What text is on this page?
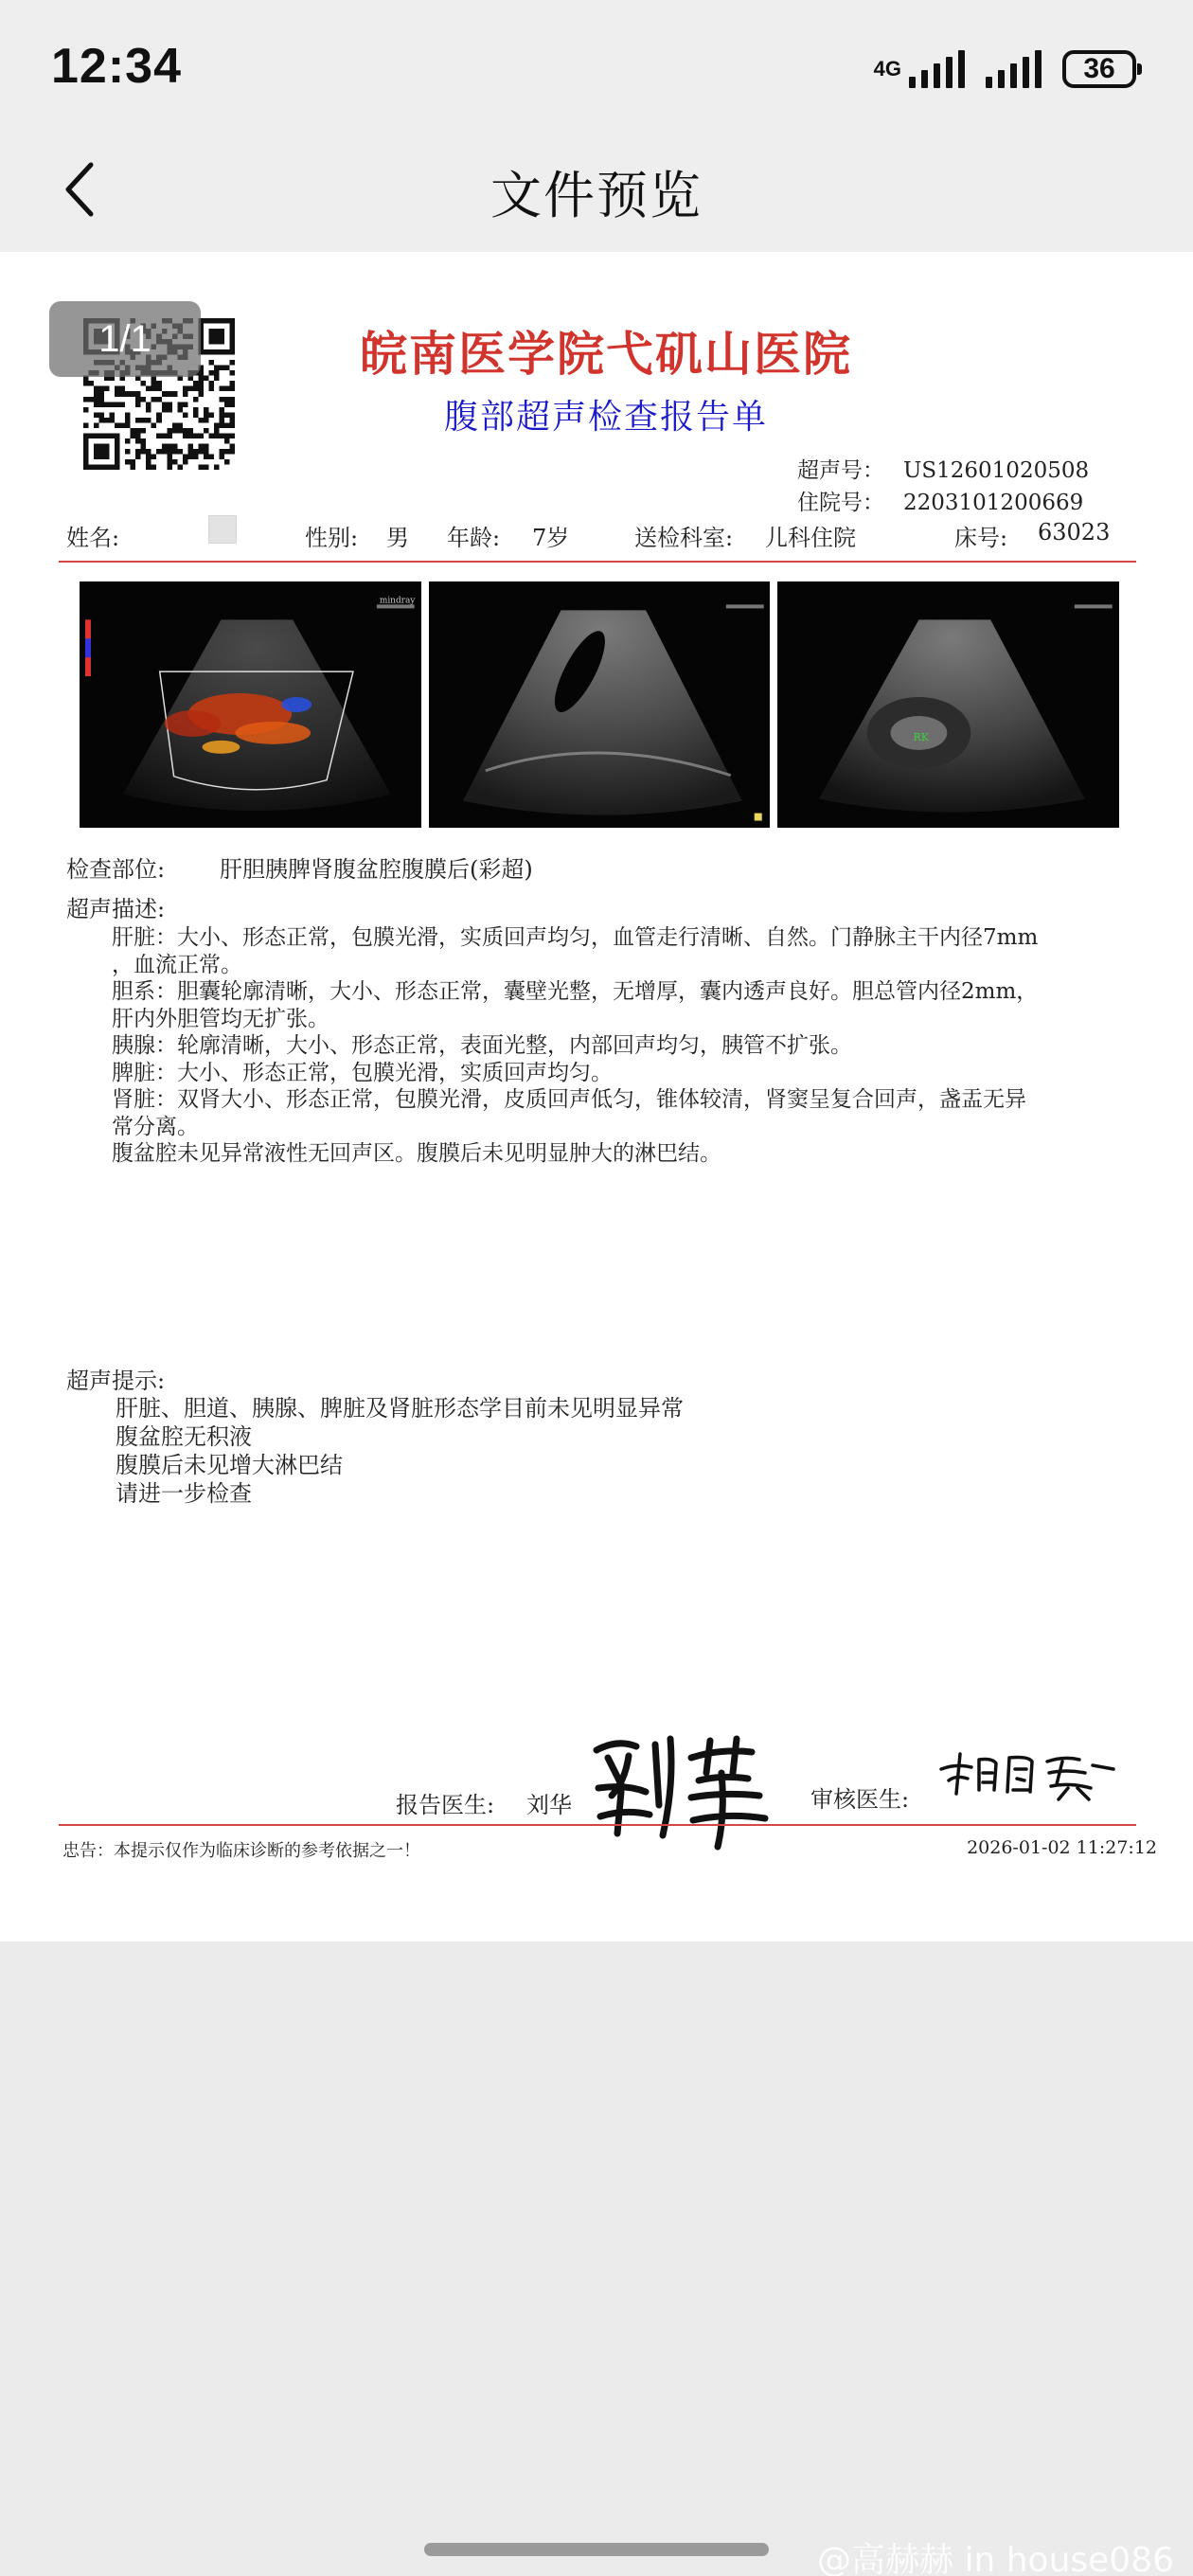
12:34	4G	36
文件预览
1/1	皖南医学院弋矶山医院
腹部超声检查报告单
超声号： US12601020508
住院号： 2203101200669
姓名:	性别: 男 年龄: 7岁	送检科室: 儿科住院	床号: 63023
mindray
RK
检查部位: 肝胆胰脾肾腹盆腔腹膜后(彩超)
超声描述:

肝脏：大小、形态正常，包膜光滑，实质回声均匀，血管走行清晰、自然。门静脉主干内径7mm

，血流正常。

胆系：胆囊轮廓清晰，大小、形态正常，囊壁光整，无增厚，囊内透声良好。胆总管内径2mm，

肝内外胆管均无扩张。

胰腺：轮廓清晰，大小、形态正常，表面光整，内部回声均匀，胰管不扩张。

脾脏：大小、形态正常，包膜光滑，实质回声均匀。

肾脏：双肾大小、形态正常，包膜光滑，皮质回声低匀，锥体较清，肾窦呈复合回声，盏盂无异

常分离。

腹盆腔未见异常液性无回声区。腹膜后未见明显肿大的淋巴结。

超声提示:

肝脏、胆道、胰腺、脾脏及肾脏形态学目前未见明显异常

腹盆腔无积液

腹膜后未见增大淋巴结

请进一步检查

报告医生: 刘华	审核医生:
忠告：本提示仅作为临床诊断的参考依据之一！	2026-01-02 11:27:12
@高赫赫 in house086
